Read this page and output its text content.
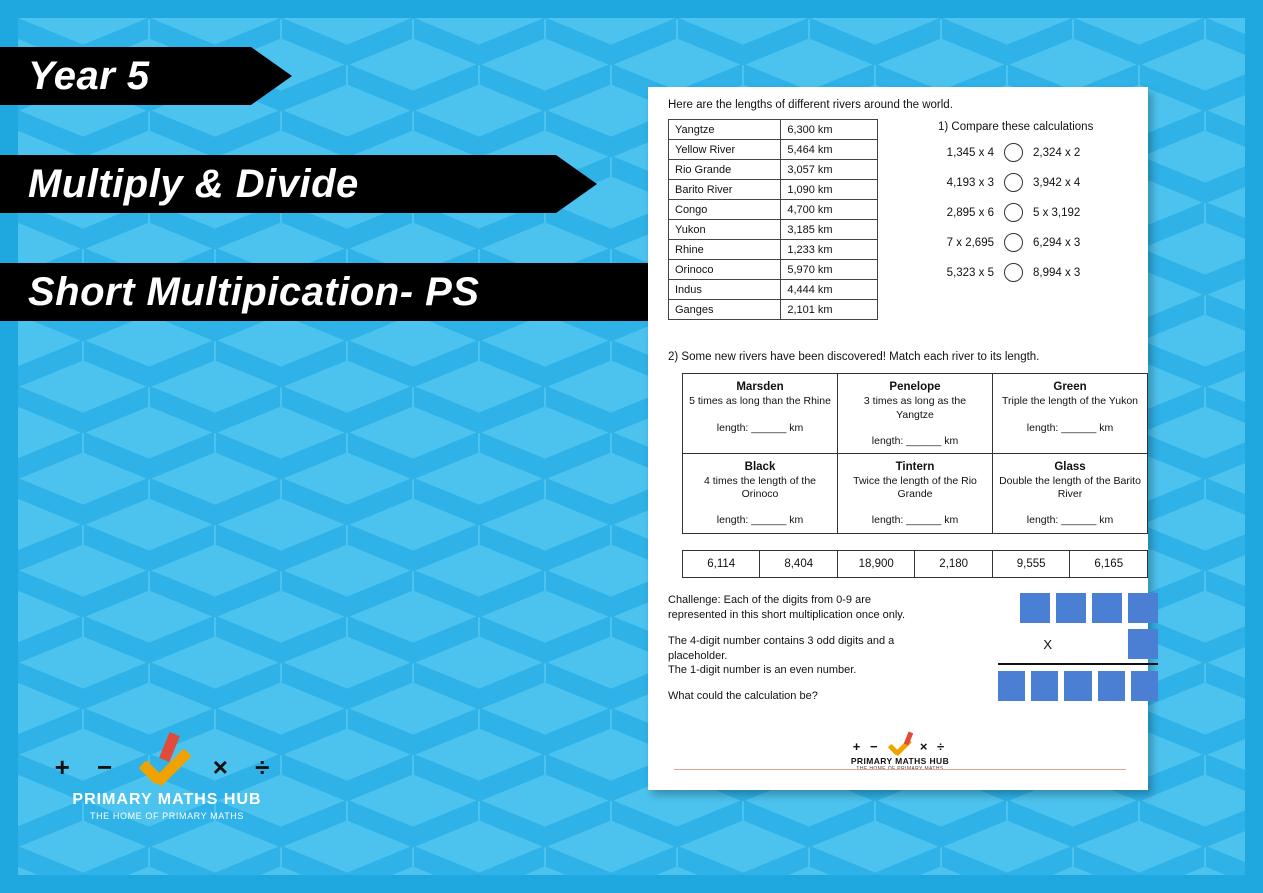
Year 5
Multiply & Divide
Short Multipication- PS

Here are the lengths of different rivers around the world.

Yangtze	6,300 km
Yellow River	5,464 km
Rio Grande	3,057 km
Barito River	1,090 km
Congo	4,700 km
Yukon	3,185 km
Rhine	1,233 km
Orinoco	5,970 km
Indus	4,444 km
Ganges	2,101 km
1) Compare these calculations
1,345 x 4	2,324 x 2
4,193 x 3	3,942 x 4
2,895 x 6	5 x 3,192
7 x 2,695	6,294 x 3
5,323 x 5	8,994 x 3
2) Some new rivers have been discovered! Match each river to its length.
Marsden
5 times as long than the Rhine
length: ______ km	Penelope
3 times as long as the Yangtze
length: ______ km	Green
Triple the length of the Yukon
length: ______ km

Black
4 times the length of the Orinoco
length: ______ km	Tintern
Twice the length of the Rio Grande
length: ______ km	Glass
Double the length of the Barito River
length: ______ km
6,114	8,404	18,900	2,180	9,555	6,165

Challenge: Each of the digits from 0-9 are represented in this short multiplication once only.

The 4-digit number contains 3 odd digits and a placeholder.
The 1-digit number is an even number.

What could the calculation be?

X
+ −	× ÷
PRIMARY MATHS HUB
THE HOME OF PRIMARY MATHS
+ −	× ÷
PRIMARY MATHS HUB
THE HOME OF PRIMARY MATHS
